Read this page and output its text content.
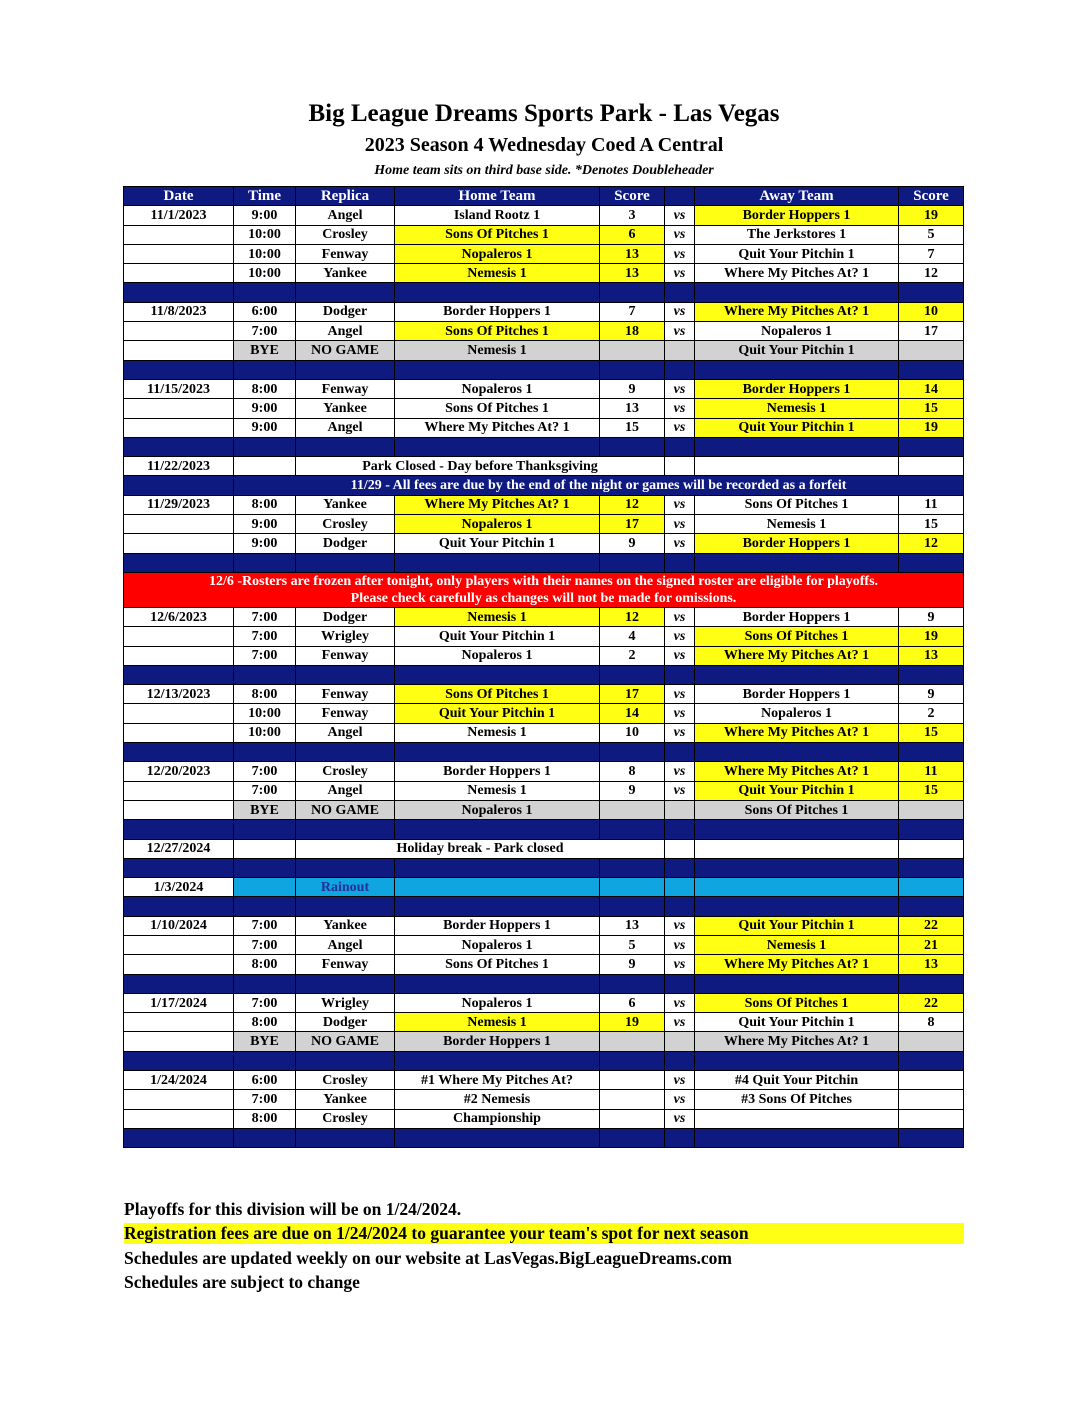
Big League Dreams Sports Park - Las Vegas
2023 Season 4 Wednesday Coed A Central
Home team sits on third base side. *Denotes Doubleheader
Date	Time	Replica	Home Team	Score		Away Team	Score
11/1/2023	9:00	Angel	Island Rootz 1	3	vs	Border Hoppers 1	19
	10:00	Crosley	Sons Of Pitches 1	6	vs	The Jerkstores 1	5
	10:00	Fenway	Nopaleros 1	13	vs	Quit Your Pitchin 1	7
	10:00	Yankee	Nemesis 1	13	vs	Where My Pitches At? 1	12

11/8/2023	6:00	Dodger	Border Hoppers 1	7	vs	Where My Pitches At? 1	10
	7:00	Angel	Sons Of Pitches 1	18	vs	Nopaleros 1	17
	BYE	NO GAME	Nemesis 1			Quit Your Pitchin 1	

11/15/2023	8:00	Fenway	Nopaleros 1	9	vs	Border Hoppers 1	14
	9:00	Yankee	Sons Of Pitches 1	13	vs	Nemesis 1	15
	9:00	Angel	Where My Pitches At? 1	15	vs	Quit Your Pitchin 1	19

11/22/2023		Park Closed - Day before Thanksgiving					
	11/29 - All fees are due by the end of the night or games will be recorded as a forfeit						
11/29/2023	8:00	Yankee	Where My Pitches At? 1	12	vs	Sons Of Pitches 1	11
	9:00	Crosley	Nopaleros 1	17	vs	Nemesis 1	15
	9:00	Dodger	Quit Your Pitchin 1	9	vs	Border Hoppers 1	12

12/6 -Rosters are frozen after tonight, only players with their names on the signed roster are eligible for playoffs.
Please check carefully as changes will not be made for omissions.							

12/6/2023	7:00	Dodger	Nemesis 1	12	vs	Border Hoppers 1	9
	7:00	Wrigley	Quit Your Pitchin 1	4	vs	Sons Of Pitches 1	19
	7:00	Fenway	Nopaleros 1	2	vs	Where My Pitches At? 1	13

12/13/2023	8:00	Fenway	Sons Of Pitches 1	17	vs	Border Hoppers 1	9
	10:00	Fenway	Quit Your Pitchin 1	14	vs	Nopaleros 1	2
	10:00	Angel	Nemesis 1	10	vs	Where My Pitches At? 1	15

12/20/2023	7:00	Crosley	Border Hoppers 1	8	vs	Where My Pitches At? 1	11
	7:00	Angel	Nemesis 1	9	vs	Quit Your Pitchin 1	15
	BYE	NO GAME	Nopaleros 1			Sons Of Pitches 1	

12/27/2024		Holiday break - Park closed					

1/3/2024		Rainout					

1/10/2024	7:00	Yankee	Border Hoppers 1	13	vs	Quit Your Pitchin 1	22
	7:00	Angel	Nopaleros 1	5	vs	Nemesis 1	21
	8:00	Fenway	Sons Of Pitches 1	9	vs	Where My Pitches At? 1	13

1/17/2024	7:00	Wrigley	Nopaleros 1	6	vs	Sons Of Pitches 1	22
	8:00	Dodger	Nemesis 1	19	vs	Quit Your Pitchin 1	8
	BYE	NO GAME	Border Hoppers 1			Where My Pitches At? 1	

1/24/2024	6:00	Crosley	#1 Where My Pitches At?		vs	#4 Quit Your Pitchin	
	7:00	Yankee	#2 Nemesis		vs	#3 Sons Of Pitches	
	8:00	Crosley	Championship		vs		

Playoffs for this division will be on 1/24/2024.
Registration fees are due on 1/24/2024 to guarantee your team's spot for next season
Schedules are updated weekly on our website at LasVegas.BigLeagueDreams.com
Schedules are subject to change
